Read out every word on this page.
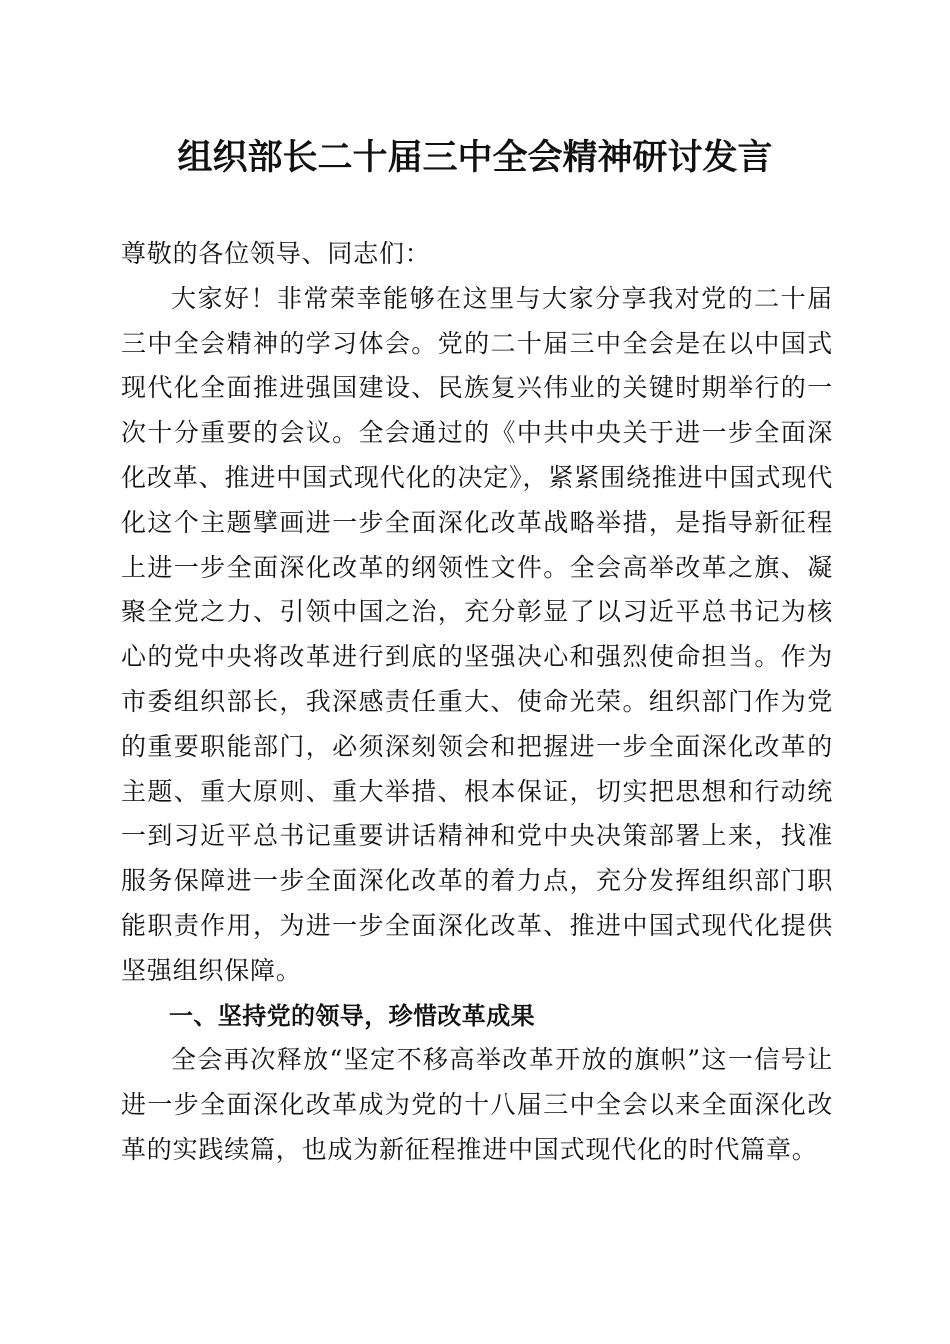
组织部长二十届三中全会精神研讨发言

尊敬的各位领导、同志们：

大家好！非常荣幸能够在这里与大家分享我对党的二十届三中全会精神的学习体会。党的二十届三中全会是在以中国式现代化全面推进强国建设、民族复兴伟业的关键时期举行的一次十分重要的会议。全会通过的《中共中央关于进一步全面深化改革、推进中国式现代化的决定》，紧紧围绕推进中国式现代化这个主题擘画进一步全面深化改革战略举措，是指导新征程上进一步全面深化改革的纲领性文件。全会高举改革之旗、凝聚全党之力、引领中国之治，充分彰显了以习近平总书记为核心的党中央将改革进行到底的坚强决心和强烈使命担当。作为市委组织部长，我深感责任重大、使命光荣。组织部门作为党的重要职能部门，必须深刻领会和把握进一步全面深化改革的主题、重大原则、重大举措、根本保证，切实把思想和行动统一到习近平总书记重要讲话精神和党中央决策部署上来，找准服务保障进一步全面深化改革的着力点，充分发挥组织部门职能职责作用，为进一步全面深化改革、推进中国式现代化提供坚强组织保障。

一、坚持党的领导，珍惜改革成果

全会再次释放“坚定不移高举改革开放的旗帜”这一信号让进一步全面深化改革成为党的十八届三中全会以来全面深化改革的实践续篇，也成为新征程推进中国式现代化的时代篇章。
